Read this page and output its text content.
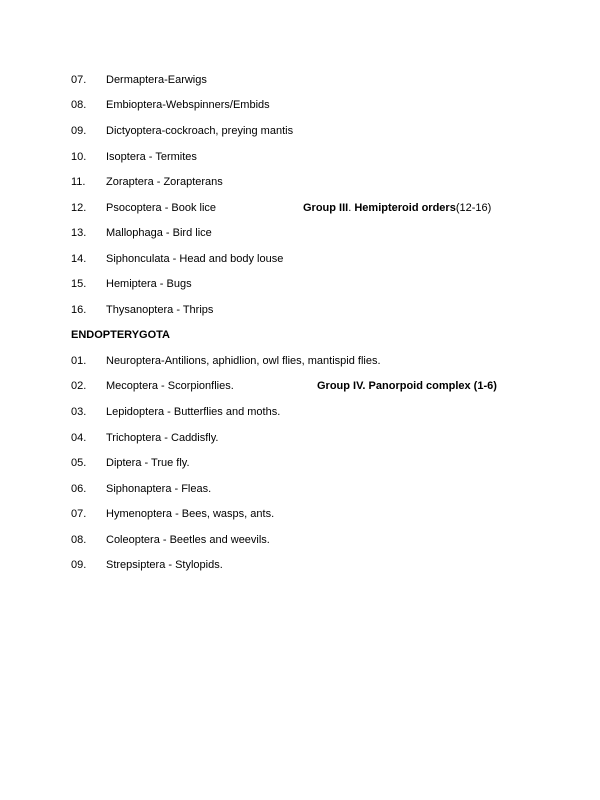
07. Dermaptera-Earwigs
08. Embioptera-Webspinners/Embids
09. Dictyoptera-cockroach, preying mantis
10. Isoptera - Termites
11. Zoraptera - Zorapterans
12. Psocoptera - Book lice	Group III. Hemipteroid orders(12-16)
13. Mallophaga - Bird lice
14. Siphonculata - Head and body louse
15. Hemiptera - Bugs
16. Thysanoptera - Thrips
ENDOPTERYGOTA
01. Neuroptera-Antilions, aphidlion, owl flies, mantispid flies.
02. Mecoptera - Scorpionflies.	Group IV. Panorpoid complex (1-6)
03. Lepidoptera - Butterflies and moths.
04. Trichoptera - Caddisfly.
05. Diptera - True fly.
06. Siphonaptera - Fleas.
07. Hymenoptera - Bees, wasps, ants.
08. Coleoptera - Beetles and weevils.
09. Strepsiptera - Stylopids.
